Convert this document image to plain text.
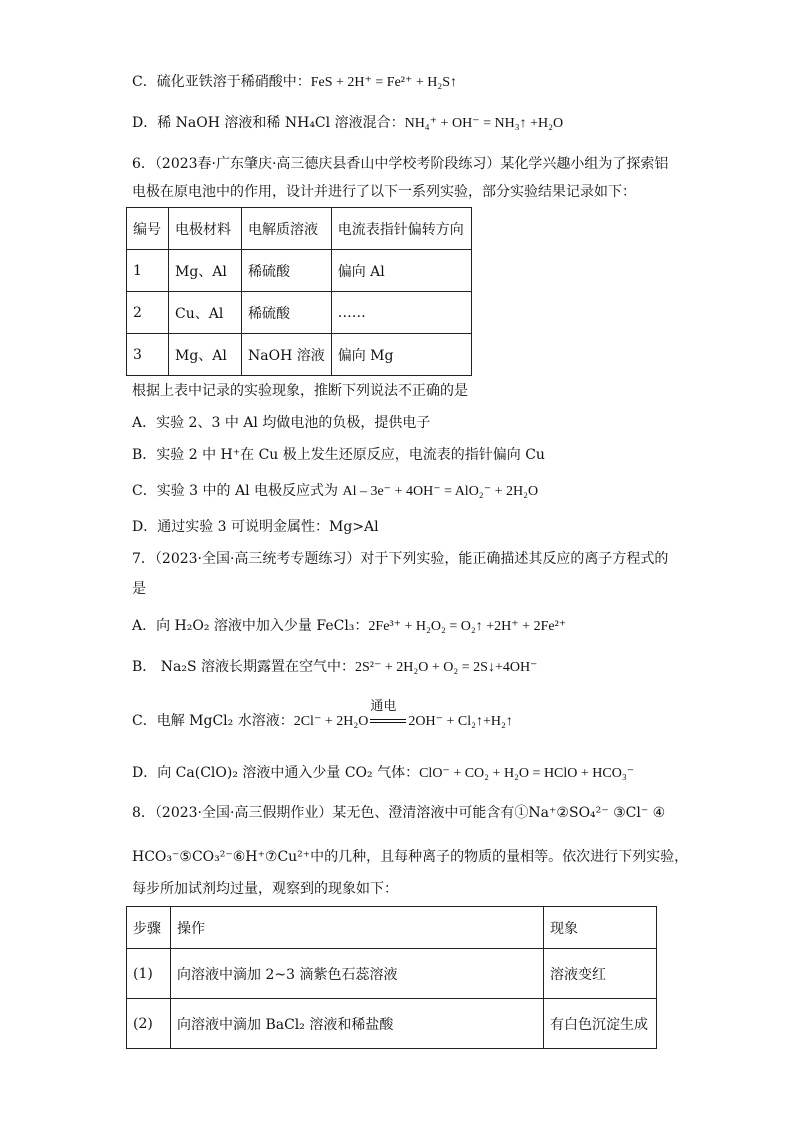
C．硫化亚铁溶于稀硝酸中：FeS + 2H⁺ = Fe²⁺ + H₂S↑
D．稀 NaOH 溶液和稀 NH₄Cl 溶液混合：NH₄⁺ + OH⁻ = NH₃↑ +H₂O
6．（2023春·广东肇庆·高三德庆县香山中学校考阶段练习）某化学兴趣小组为了探索铝
电极在原电池中的作用，设计并进行了以下一系列实验，部分实验结果记录如下：
编号	电极材料	电解质溶液	电流表指针偏转方向
1	Mg、Al	稀硫酸	偏向 Al
2	Cu、Al	稀硫酸	……
3	Mg、Al	NaOH 溶液	偏向 Mg
根据上表中记录的实验现象，推断下列说法不正确的是
A．实验 2、3 中 Al 均做电池的负极，提供电子
B．实验 2 中 H⁺在 Cu 极上发生还原反应，电流表的指针偏向 Cu
C．实验 3 中的 Al 电极反应式为 Al – 3e⁻ + 4OH⁻ = AlO₂⁻ + 2H₂O
D．通过实验 3 可说明金属性：Mg>Al
7．（2023·全国·高三统考专题练习）对于下列实验，能正确描述其反应的离子方程式的
是
A．向 H₂O₂ 溶液中加入少量 FeCl₃：2Fe³⁺ + H₂O₂ = O₂↑ +2H⁺ + 2Fe²⁺
B． Na₂S 溶液长期露置在空气中：2S²⁻ + 2H₂O + O₂ = 2S↓+4OH⁻
C．电解 MgCl₂ 水溶液：2Cl⁻ + 2H₂O
通电
2OH⁻ + Cl₂↑+H₂↑
D．向 Ca(ClO)₂ 溶液中通入少量 CO₂ 气体：ClO⁻ + CO₂ + H₂O = HClO + HCO₃⁻
8．（2023·全国·高三假期作业）某无色、澄清溶液中可能含有①Na⁺②SO₄²⁻ ③Cl⁻ ④
HCO₃⁻⑤CO₃²⁻⑥H⁺⑦Cu²⁺中的几种，且每种离子的物质的量相等。依次进行下列实验，
每步所加试剂均过量，观察到的现象如下：
步骤	操作	现象
(1)	向溶液中滴加 2~3 滴紫色石蕊溶液	溶液变红
(2)	向溶液中滴加 BaCl₂ 溶液和稀盐酸	有白色沉淀生成
